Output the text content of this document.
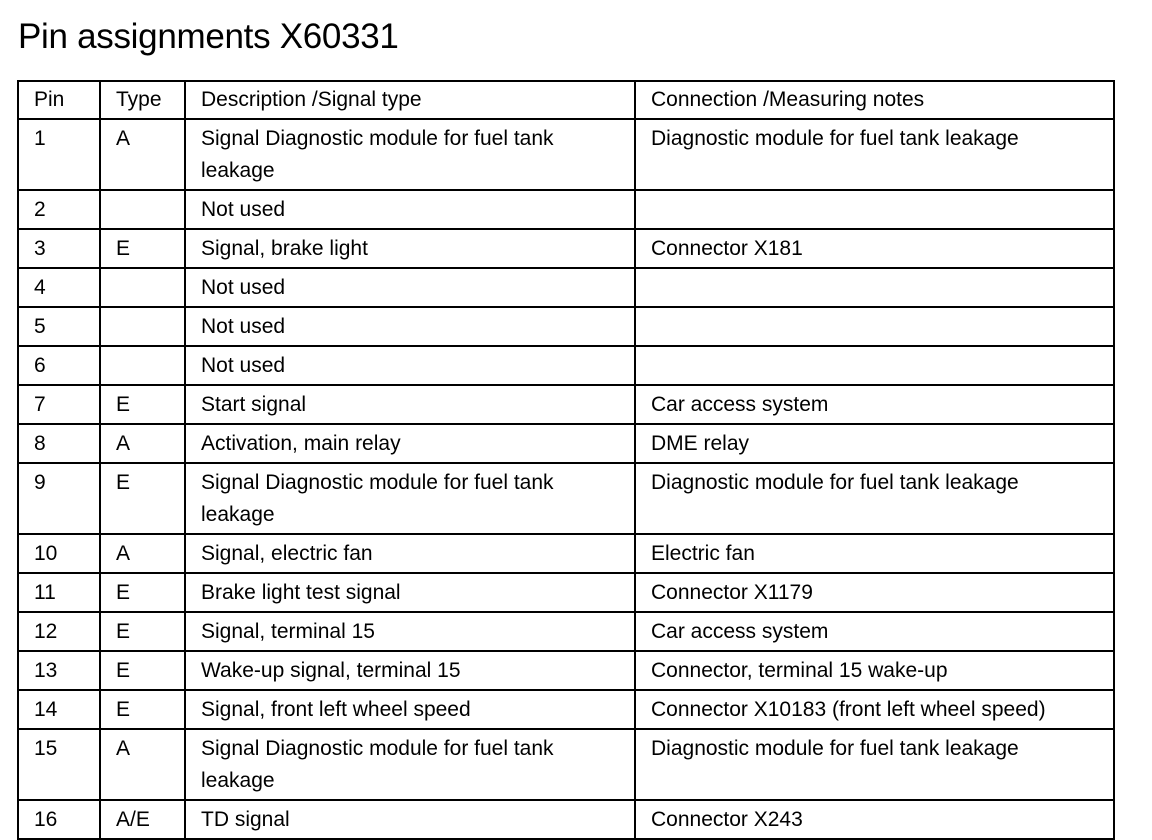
Pin assignments X60331
Pin	Type	Description /Signal type	Connection /Measuring notes
1	A	Signal Diagnostic module for fuel tank leakage	Diagnostic module for fuel tank leakage
2		Not used	
3	E	Signal, brake light	Connector X181
4		Not used	
5		Not used	
6		Not used	
7	E	Start signal	Car access system
8	A	Activation, main relay	DME relay
9	E	Signal Diagnostic module for fuel tank leakage	Diagnostic module for fuel tank leakage
10	A	Signal, electric fan	Electric fan
11	E	Brake light test signal	Connector X1179
12	E	Signal, terminal 15	Car access system
13	E	Wake-up signal, terminal 15	Connector, terminal 15 wake-up
14	E	Signal, front left wheel speed	Connector X10183 (front left wheel speed)
15	A	Signal Diagnostic module for fuel tank leakage	Diagnostic module for fuel tank leakage
16	A/E	TD signal	Connector X243
